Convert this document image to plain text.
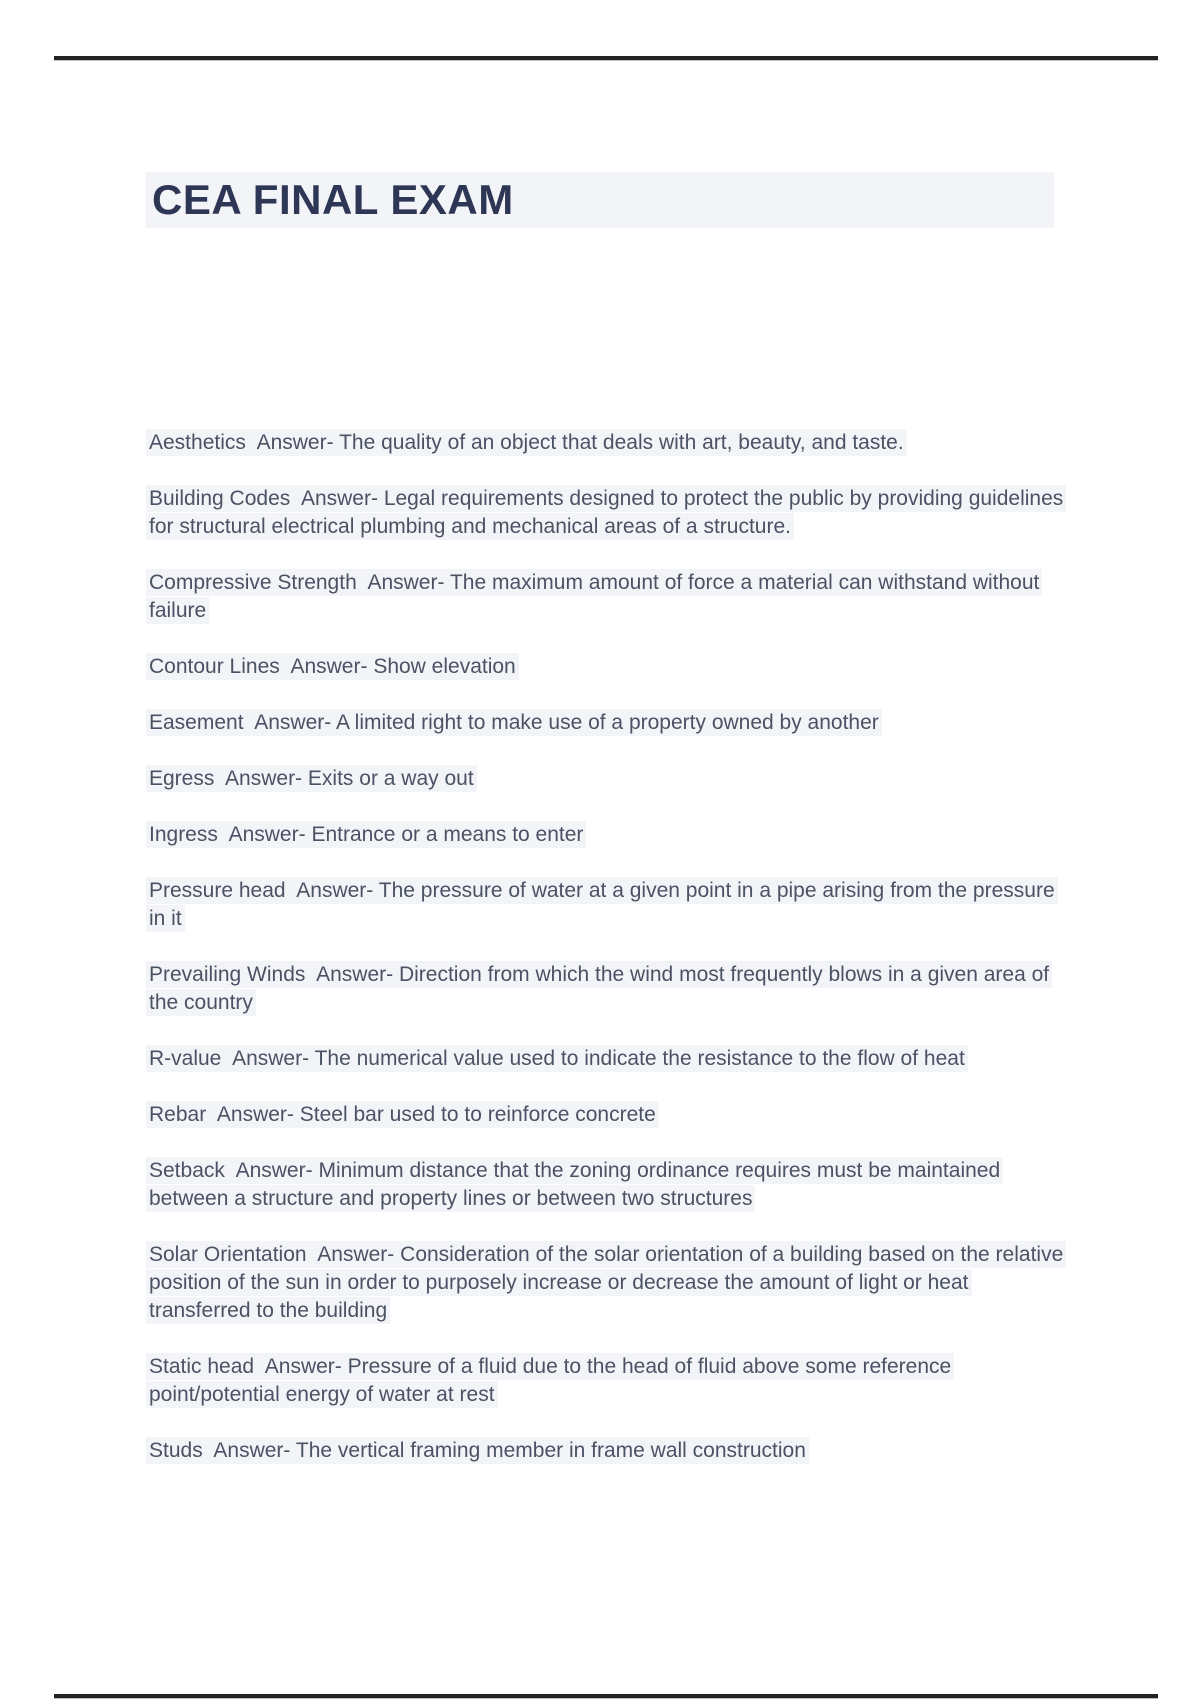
CEA FINAL EXAM

Aesthetics Answer- The quality of an object that deals with art, beauty, and taste.

Building Codes Answer- Legal requirements designed to protect the public by providing guidelines for structural electrical plumbing and mechanical areas of a structure.

Compressive Strength Answer- The maximum amount of force a material can withstand without failure

Contour Lines Answer- Show elevation

Easement Answer- A limited right to make use of a property owned by another

Egress Answer- Exits or a way out

Ingress Answer- Entrance or a means to enter

Pressure head Answer- The pressure of water at a given point in a pipe arising from the pressure in it

Prevailing Winds Answer- Direction from which the wind most frequently blows in a given area of the country

R-value Answer- The numerical value used to indicate the resistance to the flow of heat

Rebar Answer- Steel bar used to to reinforce concrete

Setback Answer- Minimum distance that the zoning ordinance requires must be maintained between a structure and property lines or between two structures

Solar Orientation Answer- Consideration of the solar orientation of a building based on the relative position of the sun in order to purposely increase or decrease the amount of light or heat transferred to the building

Static head Answer- Pressure of a fluid due to the head of fluid above some reference point/potential energy of water at rest

Studs Answer- The vertical framing member in frame wall construction
